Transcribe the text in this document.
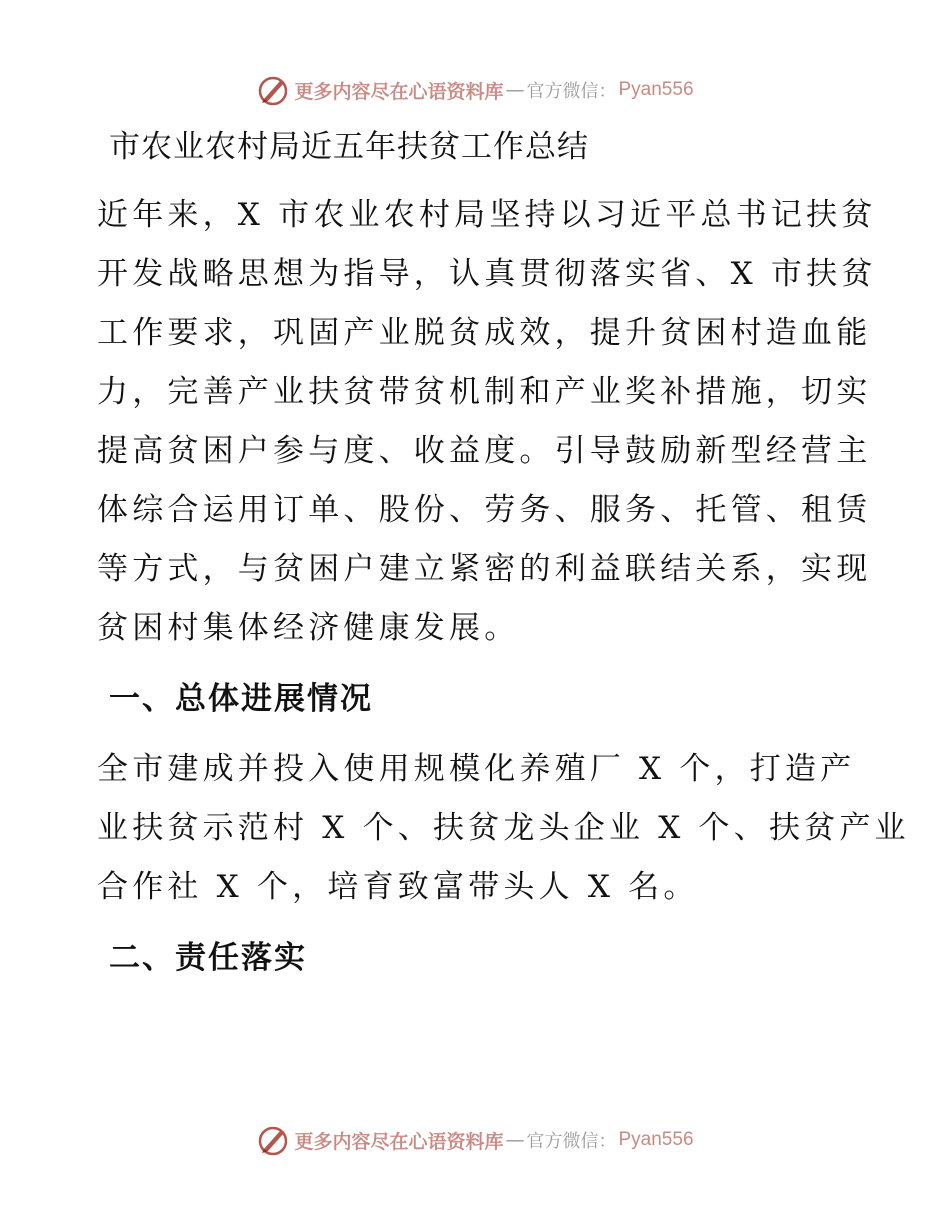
更多内容尽在心语资料库 — 官方微信： Pyan556
市农业农村局近五年扶贫工作总结

近年来，X 市农业农村局坚持以习近平总书记扶贫
开发战略思想为指导，认真贯彻落实省、X 市扶贫
工作要求，巩固产业脱贫成效，提升贫困村造血能
力，完善产业扶贫带贫机制和产业奖补措施，切实
提高贫困户参与度、收益度。引导鼓励新型经营主
体综合运用订单、股份、劳务、服务、托管、租赁
等方式，与贫困户建立紧密的利益联结关系，实现
贫困村集体经济健康发展。

一、总体进展情况

全市建成并投入使用规模化养殖厂 X 个，打造产
业扶贫示范村 X 个、扶贫龙头企业 X 个、扶贫产业
合作社 X 个，培育致富带头人 X 名。

二、责任落实
更多内容尽在心语资料库 — 官方微信： Pyan556
